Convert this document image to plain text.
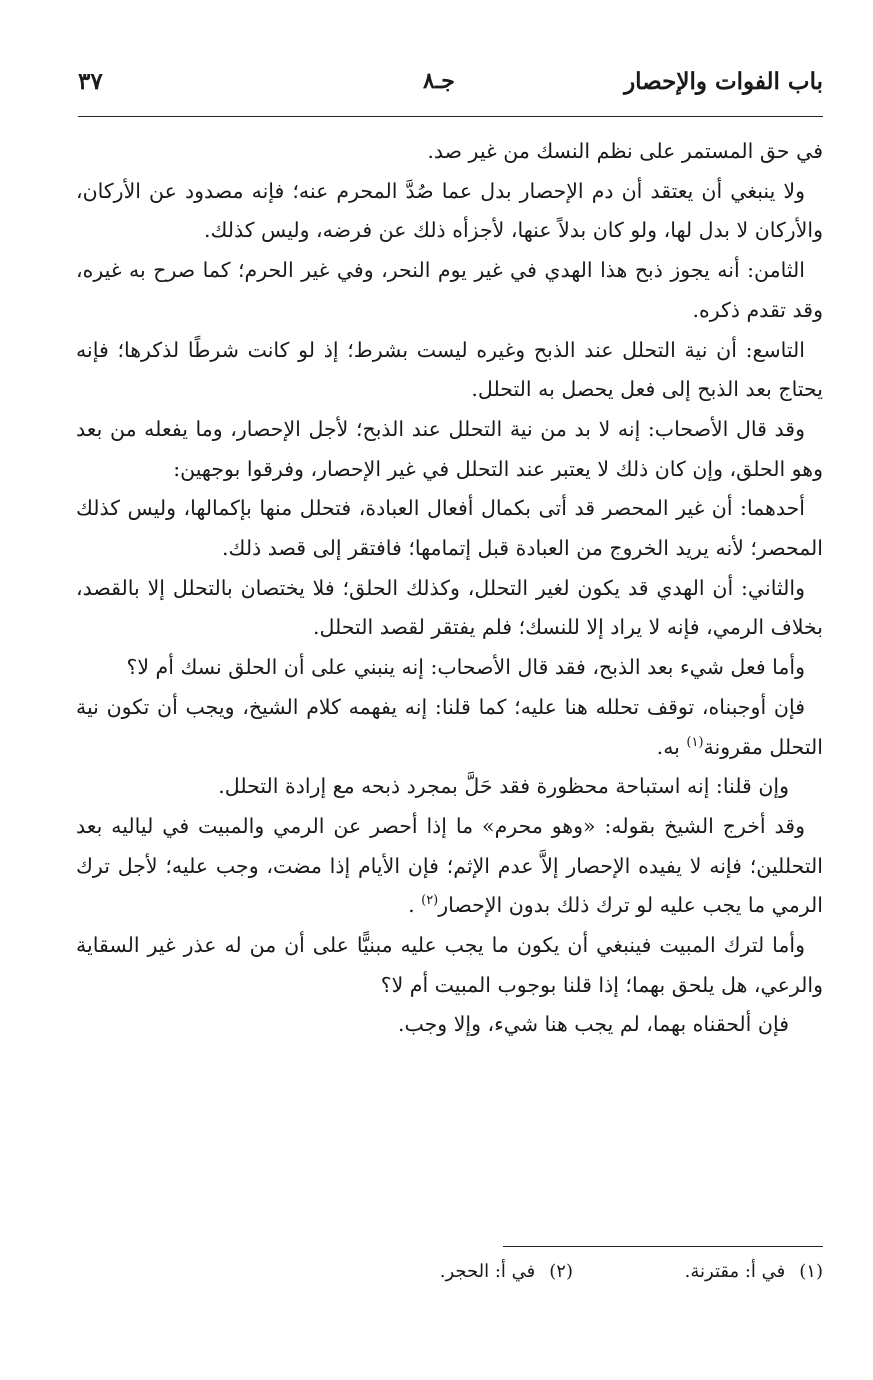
باب الفوات والإحصار
جـ٨
٣٧

في حق المستمر على نظم النسك من غير صد.

ولا ينبغي أن يعتقد أن دم الإحصار بدل عما صُدَّ المحرم عنه؛ فإنه مصدود عن الأركان، والأركان لا بدل لها، ولو كان بدلاً عنها، لأجزأه ذلك عن فرضه، وليس كذلك.

الثامن: أنه يجوز ذبح هذا الهدي في غير يوم النحر، وفي غير الحرم؛ كما صرح به غيره، وقد تقدم ذكره.

التاسع: أن نية التحلل عند الذبح وغيره ليست بشرط؛ إذ لو كانت شرطًا لذكرها؛ فإنه يحتاج بعد الذبح إلى فعل يحصل به التحلل.

وقد قال الأصحاب: إنه لا بد من نية التحلل عند الذبح؛ لأجل الإحصار، وما يفعله من بعد وهو الحلق، وإن كان ذلك لا يعتبر عند التحلل في غير الإحصار، وفرقوا بوجهين:

أحدهما: أن غير المحصر قد أتى بكمال أفعال العبادة، فتحلل منها بإكمالها، وليس كذلك المحصر؛ لأنه يريد الخروج من العبادة قبل إتمامها؛ فافتقر إلى قصد ذلك.

والثاني: أن الهدي قد يكون لغير التحلل، وكذلك الحلق؛ فلا يختصان بالتحلل إلا بالقصد، بخلاف الرمي، فإنه لا يراد إلا للنسك؛ فلم يفتقر لقصد التحلل.

وأما فعل شيء بعد الذبح، فقد قال الأصحاب: إنه ينبني على أن الحلق نسك أم لا؟

فإن أوجبناه، توقف تحلله هنا عليه؛ كما قلنا: إنه يفهمه كلام الشيخ، ويجب أن تكون نية التحلل مقرونة$^{(١)}$ به.

وإن قلنا: إنه استباحة محظورة فقد حَلَّ بمجرد ذبحه مع إرادة التحلل.

وقد أخرج الشيخ بقوله: «وهو محرم» ما إذا أحصر عن الرمي والمبيت في لياليه بعد التحللين؛ فإنه لا يفيده الإحصار إلاَّ عدم الإثم؛ فإن الأيام إذا مضت، وجب عليه؛ لأجل ترك الرمي ما يجب عليه لو ترك ذلك بدون الإحصار$^{(٢)}$ .

وأما لترك المبيت فينبغي أن يكون ما يجب عليه مبنيًّا على أن من له عذر غير السقاية والرعي، هل يلحق بهما؛ إذا قلنا بوجوب المبيت أم لا؟

فإن ألحقناه بهما، لم يجب هنا شيء، وإلا وجب.

(١)في أ: مقترنة.
(٢)في أ: الحجر.
